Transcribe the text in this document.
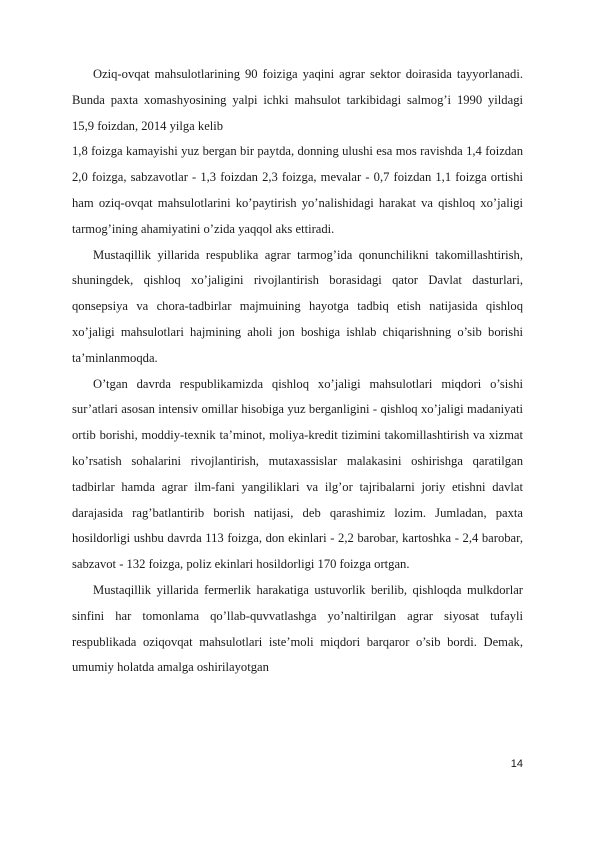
Oziq-ovqat mahsulotlarining 90 foiziga yaqini agrar sektor doirasida tayyorlanadi. Bunda paxta xomashyosining yalpi ichki mahsulot tarkibidagi salmog’i 1990 yildagi 15,9 foizdan, 2014 yilga kelib

1,8 foizga kamayishi yuz bergan bir paytda, donning ulushi esa mos ravishda 1,4 foizdan 2,0 foizga, sabzavotlar - 1,3 foizdan 2,3 foizga, mevalar - 0,7 foizdan 1,1 foizga ortishi ham oziq-ovqat mahsulotlarini ko’paytirish yo’nalishidagi harakat va qishloq xo’jaligi tarmog’ining ahamiyatini o’zida yaqqol aks ettiradi.

Mustaqillik yillarida respublika agrar tarmog’ida qonunchilikni takomillashtirish, shuningdek, qishloq xo’jaligini rivojlantirish borasidagi qator Davlat dasturlari, qonsepsiya va chora-tadbirlar majmuining hayotga tadbiq etish natijasida qishloq xo’jaligi mahsulotlari hajmining aholi jon boshiga ishlab chiqarishning o’sib borishi ta’minlanmoqda.

O’tgan davrda respublikamizda qishloq xo’jaligi mahsulotlari miqdori o’sishi sur’atlari asosan intensiv omillar hisobiga yuz berganligini - qishloq xo’jaligi madaniyati ortib borishi, moddiy-texnik ta’minot, moliya-kredit tizimini takomillashtirish va xizmat ko’rsatish sohalarini rivojlantirish, mutaxassislar malakasini oshirishga qaratilgan tadbirlar hamda agrar ilm-fani yangiliklari va ilg’or tajribalarni joriy etishni davlat darajasida rag’batlantirib borish natijasi, deb qarashimiz lozim. Jumladan, paxta hosildorligi ushbu davrda 113 foizga, don ekinlari - 2,2 barobar, kartoshka - 2,4 barobar, sabzavot - 132 foizga, poliz ekinlari hosildorligi 170 foizga ortgan.

Mustaqillik yillarida fermerlik harakatiga ustuvorlik berilib, qishloqda mulkdorlar sinfini har tomonlama qo’llab-quvvatlashga yo’naltirilgan agrar siyosat tufayli respublikada oziqovqat mahsulotlari iste’moli miqdori barqaror o’sib bordi. Demak, umumiy holatda amalga oshirilayotgan

14
